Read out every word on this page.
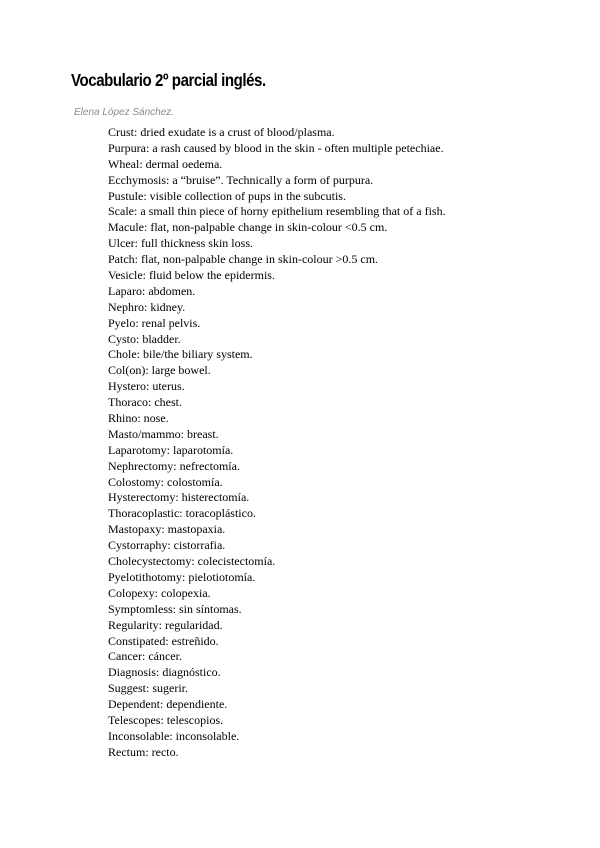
Vocabulario 2º parcial inglés.
Elena López Sánchez.
Crust: dried exudate is a crust of blood/plasma.
Purpura: a rash caused by blood in the skin - often multiple petechiae.
Wheal: dermal oedema.
Ecchymosis: a “bruise”. Technically a form of purpura.
Pustule: visible collection of pups in the subcutis.
Scale: a small thin piece of horny epithelium resembling that of a fish.
Macule: flat, non-palpable change in skin-colour <0.5 cm.
Ulcer: full thickness skin loss.
Patch: flat, non-palpable change in skin-colour >0.5 cm.
Vesicle: fluid below the epidermis.
Laparo: abdomen.
Nephro: kidney.
Pyelo: renal pelvis.
Cysto: bladder.
Chole: bile/the biliary system.
Col(on): large bowel.
Hystero: uterus.
Thoraco: chest.
Rhino: nose.
Masto/mammo: breast.
Laparotomy: laparotomía.
Nephrectomy: nefrectomía.
Colostomy: colostomía.
Hysterectomy: histerectomía.
Thoracoplastic: toracoplástico.
Mastopaxy: mastopaxia.
Cystorraphy: cistorrafia.
Cholecystectomy: colecistectomía.
Pyelotithotomy: pielotiotomía.
Colopexy: colopexia.
Symptomless: sin síntomas.
Regularity: regularidad.
Constipated: estreñido.
Cancer: cáncer.
Diagnosis: diagnóstico.
Suggest: sugerir.
Dependent: dependiente.
Telescopes: telescopios.
Inconsolable: inconsolable.
Rectum: recto.
